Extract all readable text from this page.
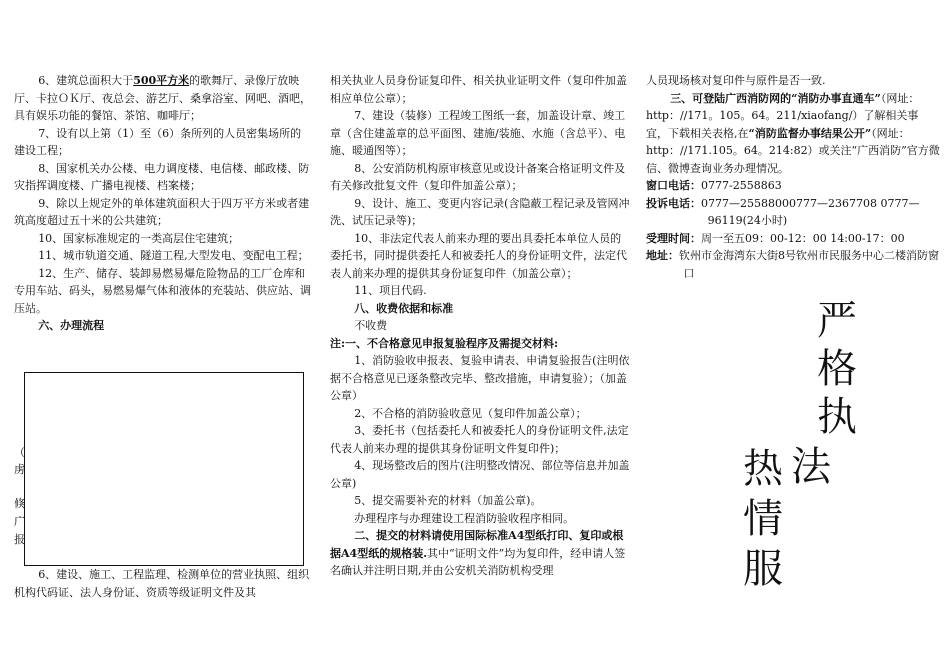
6、建筑总面积大于500平方米的歌舞厅、录像厅放映厅、卡拉ＯＫ厅、夜总会、游艺厅、桑拿浴室、网吧、酒吧，具有娱乐功能的餐馆、茶馆、咖啡厅；

7、设有以上第（1）至（6）条所列的人员密集场所的建设工程；

8、国家机关办公楼、电力调度楼、电信楼、邮政楼、防灾指挥调度楼、广播电视楼、档案楼；

9、除以上规定外的单体建筑面积大于四万平方米或者建筑高度超过五十米的公共建筑；

10、国家标准规定的一类高层住宅建筑；

11、城市轨道交通、隧道工程,大型发电、变配电工程；

12、生产、储存、装卸易燃易爆危险物品的工厂仓库和专用车站、码头，易燃易爆气体和液体的充装站、供应站、调压站。

六、办理流程

（
虏
倏
广
报

6、建设、施工、工程监理、检测单位的营业执照、组织机构代码证、法人身份证、资质等级证明文件及其

相关执业人员身份证复印件、相关执业证明文件（复印件加盖相应单位公章）；

7、建设（装修）工程竣工图纸一套，加盖设计章、竣工章（含住建盖章的总平面图、建施/装施、水施（含总平）、电施、暖通图等）；

8、公安消防机构原审核意见或设计备案合格证明文件及有关修改批复文件（复印件加盖公章）；

9、设计、施工、变更内容记录(含隐蔽工程记录及管网冲洗、试压记录等)；

10、非法定代表人前来办理的要出具委托本单位人员的委托书，同时提供委托人和被委托人的身份证明文件，法定代表人前来办理的提供其身份证复印件（加盖公章）；

11、项目代码.

八、收费依据和标准

不收费

注:一、不合格意见申报复验程序及需提交材料:

1、消防验收申报表、复验申请表、申请复验报告(注明依据不合格意见已逐条整改完毕、整改措施，申请复验）；（加盖公章）

2、不合格的消防验收意见（复印件加盖公章）；

3、委托书（包括委托人和被委托人的身份证明文件,法定代表人前来办理的提供其身份证明文件复印件)；

4、现场整改后的图片(注明整改情况、部位等信息并加盖公章)

5、提交需要补充的材料（加盖公章)。

办理程序与办理建设工程消防验收程序相同。

二、提交的材料请使用国际标准A4型纸打印、复印或根据A4型纸的规格装.其中“证明文件”均为复印件，经申请人签名确认并注明日期,并由公安机关消防机构受理

人员现场核对复印件与原件是否一致.

三、可登陆广西消防网的“消防办事直通车”（网址：http：//171。105。64。211/xiaofang/）了解相关事宜，下载相关表格,在“消防监督办事结果公开”（网址：http：//171.105。64。214:82）或关注“广西消防”官方微信、微博查询业务办理情况。

窗口电话：0777-2558863

投诉电话：0777—25588000777—2367708 0777—96119(24小时)

受理时间：周一至五09：00-12：00 14:00-17：00

地址：钦州市金海湾东大街8号钦州市民服务中心二楼消防窗口

严
格
执
法
热
情
服
